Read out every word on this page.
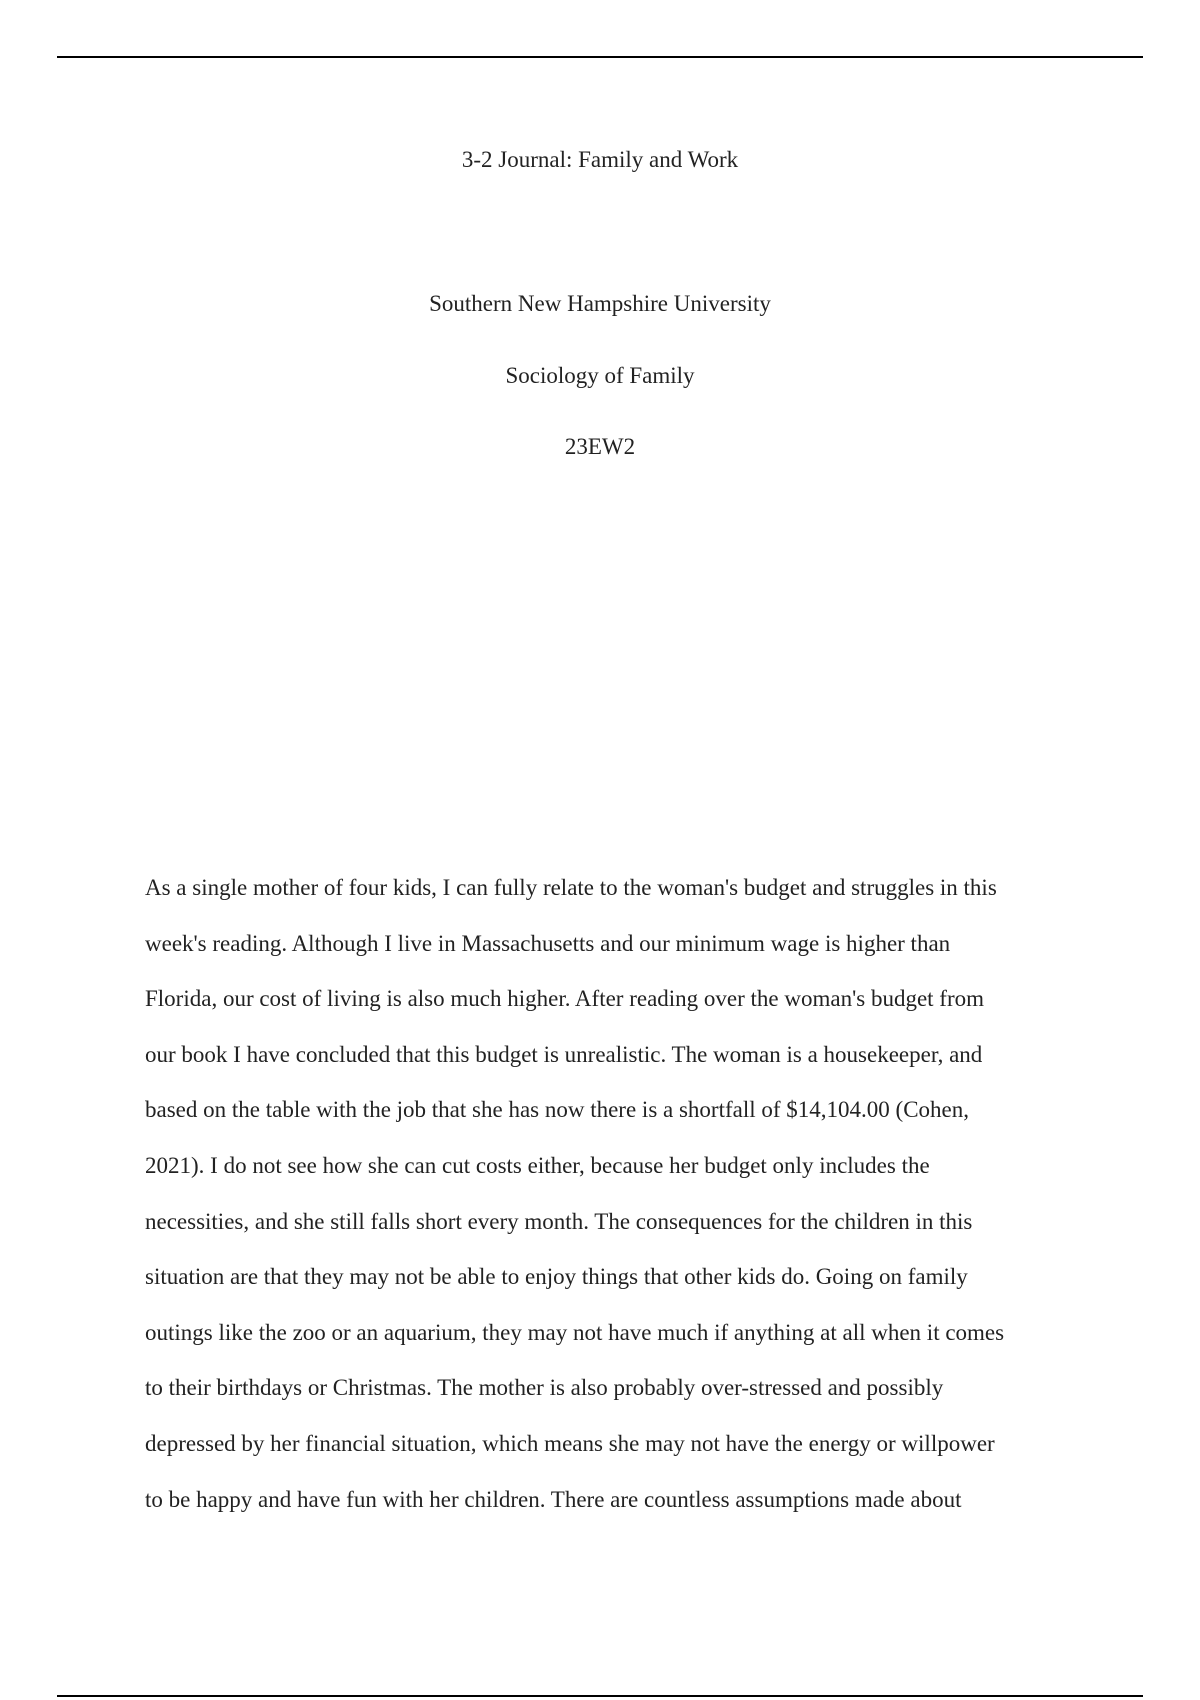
3-2 Journal: Family and Work

Southern New Hampshire University

Sociology of Family

23EW2

As a single mother of four kids, I can fully relate to the woman's budget and struggles in this
week's reading. Although I live in Massachusetts and our minimum wage is higher than
Florida, our cost of living is also much higher. After reading over the woman's budget from
our book I have concluded that this budget is unrealistic. The woman is a housekeeper, and
based on the table with the job that she has now there is a shortfall of $14,104.00 (Cohen,
2021). I do not see how she can cut costs either, because her budget only includes the
necessities, and she still falls short every month. The consequences for the children in this
situation are that they may not be able to enjoy things that other kids do. Going on family
outings like the zoo or an aquarium, they may not have much if anything at all when it comes
to their birthdays or Christmas. The mother is also probably over-stressed and possibly
depressed by her financial situation, which means she may not have the energy or willpower
to be happy and have fun with her children. There are countless assumptions made about
